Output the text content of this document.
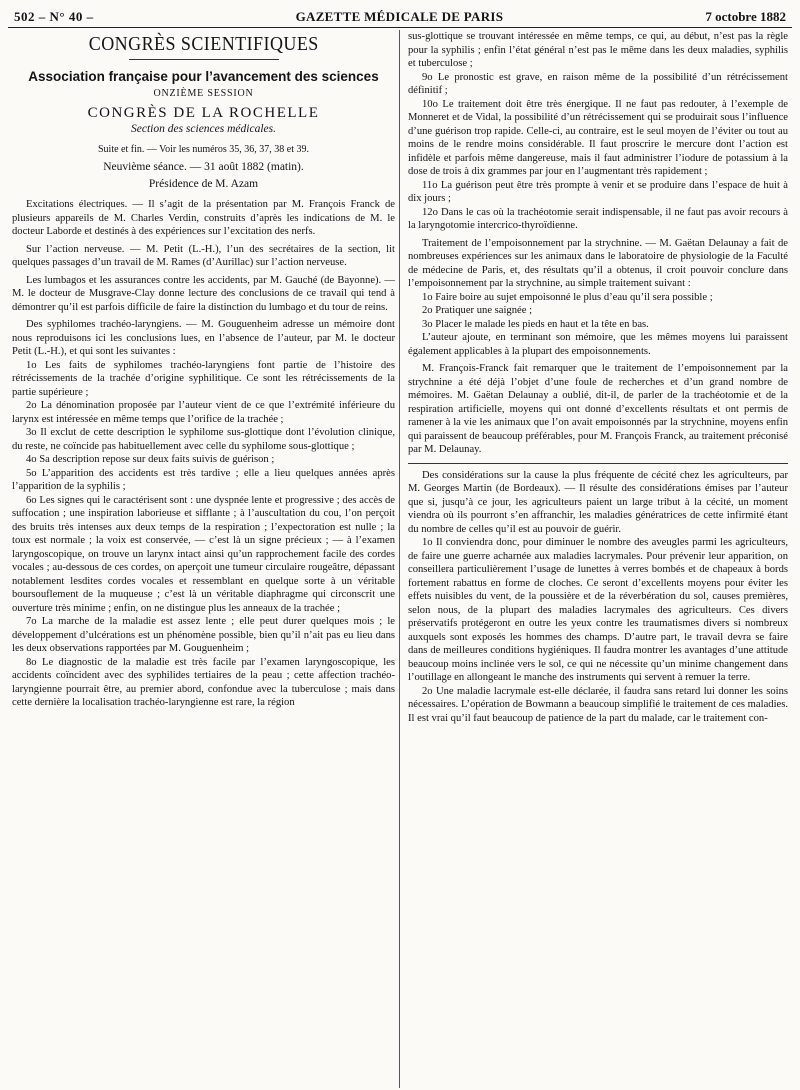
502 – N° 40 –	GAZETTE MÉDICALE DE PARIS	7 octobre 1882
CONGRÈS SCIENTIFIQUES
Association française pour l’avancement des sciences
ONZIÈME SESSION
CONGRÈS DE LA ROCHELLE
Section des sciences médicales.
Suite et fin. — Voir les numéros 35, 36, 37, 38 et 39.
Neuvième séance. — 31 août 1882 (matin).
Présidence de M. Azam

Excitations électriques. — Il s’agit de la présentation par M. François Franck de plusieurs appareils de M. Charles Verdin, construits d’après les indications de M. le docteur Laborde et destinés à des expériences sur l’excitation des nerfs.

Sur l’action nerveuse. — M. Petit (L.-H.), l’un des secrétaires de la section, lit quelques passages d’un travail de M. Rames (d’Aurillac) sur l’action nerveuse.

Les lumbagos et les assurances contre les accidents, par M. Gauché (de Bayonne). — M. le docteur de Musgrave-Clay donne lecture des conclusions de ce travail qui tend à démontrer qu’il est parfois difficile de faire la distinction du lumbago et du tour de reins.

Des syphilomes trachéo-laryngiens. — M. Gouguenheim adresse un mémoire dont nous reproduisons ici les conclusions lues, en l’absence de l’auteur, par M. le docteur Petit (L.-H.), et qui sont les suivantes :

1o Les faits de syphilomes trachéo-laryngiens font partie de l’histoire des rétrécissements de la trachée d’origine syphilitique. Ce sont les rétrécissements de la partie supérieure ;

2o La dénomination proposée par l’auteur vient de ce que l’extrémité inférieure du larynx est intéressée en même temps que l’orifice de la trachée ;

3o Il exclut de cette description le syphilome sus-glottique dont l’évolution clinique, du reste, ne coïncide pas habituellement avec celle du syphilome sous-glottique ;

4o Sa description repose sur deux faits suivis de guérison ;

5o L’apparition des accidents est très tardive ; elle a lieu quelques années après l’apparition de la syphilis ;

6o Les signes qui le caractérisent sont : une dyspnée lente et progressive ; des accès de suffocation ; une inspiration laborieuse et sifflante ; à l’auscultation du cou, l’on perçoit des bruits très intenses aux deux temps de la respiration ; l’expectoration est nulle ; la toux est normale ; la voix est conservée, — c’est là un signe précieux ; — à l’examen laryngoscopique, on trouve un larynx intact ainsi qu’un rapprochement facile des cordes vocales ; au-dessous de ces cordes, on aperçoit une tumeur circulaire rougeâtre, dépassant notablement lesdites cordes vocales et ressemblant en quelque sorte à un véritable boursouflement de la muqueuse ; c’est là un véritable diaphragme qui circonscrit une ouverture très minime ; enfin, on ne distingue plus les anneaux de la trachée ;

7o La marche de la maladie est assez lente ; elle peut durer quelques mois ; le développement d’ulcérations est un phénomène possible, bien qu’il n’ait pas eu lieu dans les deux observations rapportées par M. Gouguenheim ;

8o Le diagnostic de la maladie est très facile par l’examen laryngoscopique, les accidents coïncident avec des syphilides tertiaires de la peau ; cette affection trachéo-laryngienne pourrait être, au premier abord, confondue avec la tuberculose ; mais dans cette dernière la localisation trachéo-laryngienne est rare, la région

sus-glottique se trouvant intéressée en même temps, ce qui, au début, n’est pas la règle pour la syphilis ; enfin l’état général n’est pas le même dans les deux maladies, syphilis et tuberculose ;

9o Le pronostic est grave, en raison même de la possibilité d’un rétrécissement définitif ;

10o Le traitement doit être très énergique. Il ne faut pas redouter, à l’exemple de Monneret et de Vidal, la possibilité d’un rétrécissement qui se produirait sous l’influence d’une guérison trop rapide. Celle-ci, au contraire, est le seul moyen de l’éviter ou tout au moins de le rendre moins considérable. Il faut proscrire le mercure dont l’action est infidèle et parfois même dangereuse, mais il faut administrer l’iodure de potassium à la dose de trois à dix grammes par jour en l’augmentant très rapidement ;

11o La guérison peut être très prompte à venir et se produire dans l’espace de huit à dix jours ;

12o Dans le cas où la trachéotomie serait indispensable, il ne faut pas avoir recours à la laryngotomie intercrico-thyroïdienne.

Traitement de l’empoisonnement par la strychnine. — M. Gaëtan Delaunay a fait de nombreuses expériences sur les animaux dans le laboratoire de physiologie de la Faculté de médecine de Paris, et, des résultats qu’il a obtenus, il croit pouvoir conclure dans l’empoisonnement par la strychnine, au simple traitement suivant :

1o Faire boire au sujet empoisonné le plus d’eau qu’il sera possible ;

2o Pratiquer une saignée ;

3o Placer le malade les pieds en haut et la tête en bas.

L’auteur ajoute, en terminant son mémoire, que les mêmes moyens lui paraissent également applicables à la plupart des empoisonnements.

M. François-Franck fait remarquer que le traitement de l’empoisonnement par la strychnine a été déjà l’objet d’une foule de recherches et d’un grand nombre de mémoires. M. Gaëtan Delaunay a oublié, dit-il, de parler de la trachéotomie et de la respiration artificielle, moyens qui ont donné d’excellents résultats et ont permis de ramener à la vie les animaux que l’on avait empoisonnés par la strychnine, moyens enfin qui paraissent de beaucoup préférables, pour M. François Franck, au traitement préconisé par M. Delaunay.

Des considérations sur la cause la plus fréquente de cécité chez les agriculteurs, par M. Georges Martin (de Bordeaux). — Il résulte des considérations émises par l’auteur que si, jusqu’à ce jour, les agriculteurs paient un large tribut à la cécité, un moment viendra où ils pourront s’en affranchir, les maladies génératrices de cette infirmité étant du nombre de celles qu’il est au pouvoir de guérir.

1o Il conviendra donc, pour diminuer le nombre des aveugles parmi les agriculteurs, de faire une guerre acharnée aux maladies lacrymales. Pour prévenir leur apparition, on conseillera particulièrement l’usage de lunettes à verres bombés et de chapeaux à bords fortement rabattus en forme de cloches. Ce seront d’excellents moyens pour éviter les effets nuisibles du vent, de la poussière et de la réverbération du sol, causes premières, selon nous, de la plupart des maladies lacrymales des agriculteurs. Ces divers préservatifs protégeront en outre les yeux contre les traumatismes divers si nombreux auxquels sont exposés les hommes des champs. D’autre part, le travail devra se faire dans de meilleures conditions hygiéniques. Il faudra montrer les avantages d’une attitude beaucoup moins inclinée vers le sol, ce qui ne nécessite qu’un minime changement dans l’outillage en allongeant le manche des instruments qui servent à remuer la terre.

2o Une maladie lacrymale est-elle déclarée, il faudra sans retard lui donner les soins nécessaires. L’opération de Bowmann a beaucoup simplifié le traitement de ces maladies. Il est vrai qu’il faut beaucoup de patience de la part du malade, car le traitement con-
